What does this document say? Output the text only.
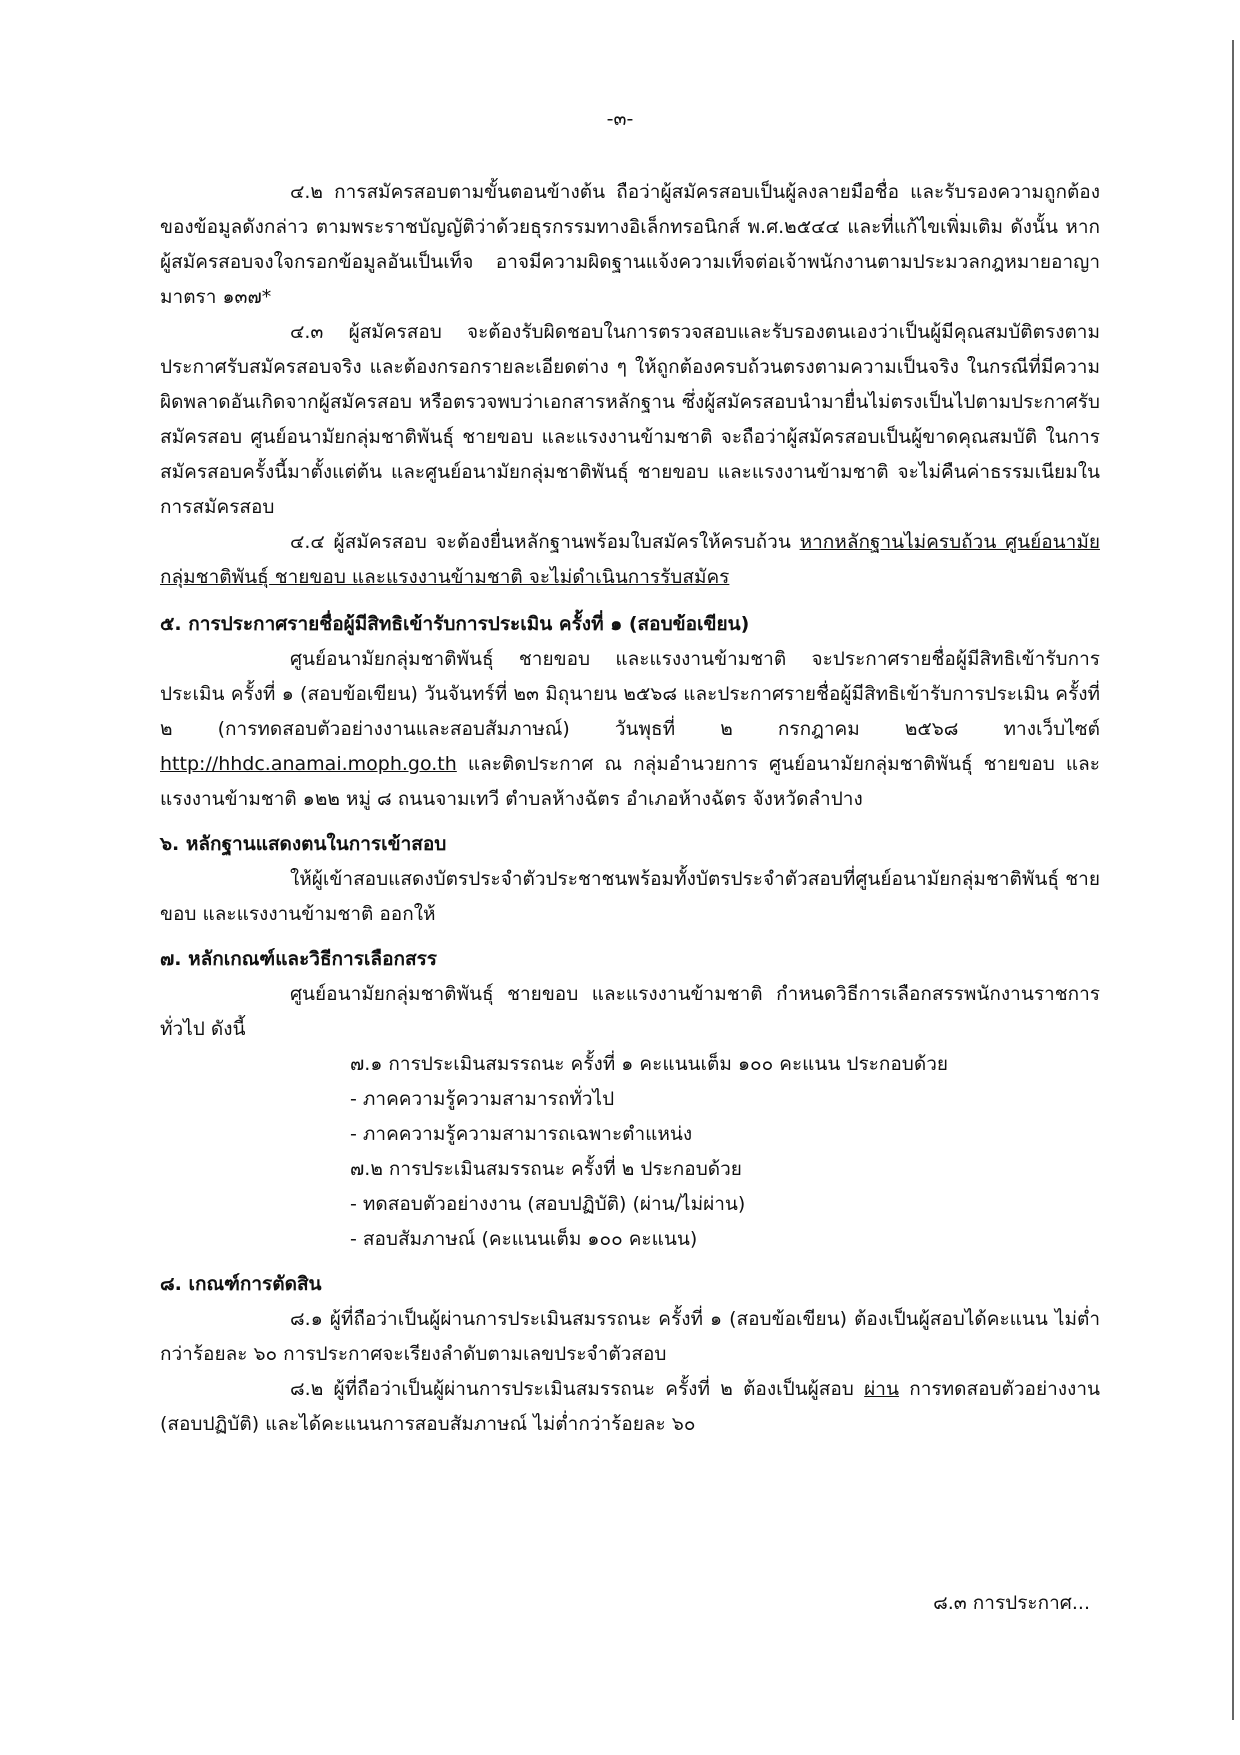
-๓-

๔.๒ การสมัครสอบตามขั้นตอนข้างต้น ถือว่าผู้สมัครสอบเป็นผู้ลงลายมือชื่อ และรับรองความถูกต้องของข้อมูลดังกล่าว ตามพระราชบัญญัติว่าด้วยธุรกรรมทางอิเล็กทรอนิกส์ พ.ศ.๒๕๔๔ และที่แก้ไขเพิ่มเติม ดังนั้น หากผู้สมัครสอบจงใจกรอกข้อมูลอันเป็นเท็จ อาจมีความผิดฐานแจ้งความเท็จต่อเจ้าพนักงานตามประมวลกฎหมายอาญา มาตรา ๑๓๗*

๔.๓ ผู้สมัครสอบ จะต้องรับผิดชอบในการตรวจสอบและรับรองตนเองว่าเป็นผู้มีคุณสมบัติตรงตามประกาศรับสมัครสอบจริง และต้องกรอกรายละเอียดต่าง ๆ ให้ถูกต้องครบถ้วนตรงตามความเป็นจริง ในกรณีที่มีความผิดพลาดอันเกิดจากผู้สมัครสอบ หรือตรวจพบว่าเอกสารหลักฐาน ซึ่งผู้สมัครสอบนำมายื่นไม่ตรงเป็นไปตามประกาศรับสมัครสอบ ศูนย์อนามัยกลุ่มชาติพันธุ์ ชายขอบ และแรงงานข้ามชาติ จะถือว่าผู้สมัครสอบเป็นผู้ขาดคุณสมบัติ ในการสมัครสอบครั้งนี้มาตั้งแต่ต้น และศูนย์อนามัยกลุ่มชาติพันธุ์ ชายขอบ และแรงงานข้ามชาติ จะไม่คืนค่าธรรมเนียมในการสมัครสอบ

๔.๔ ผู้สมัครสอบ จะต้องยื่นหลักฐานพร้อมใบสมัครให้ครบถ้วน หากหลักฐานไม่ครบถ้วน ศูนย์อนามัยกลุ่มชาติพันธุ์ ชายขอบ และแรงงานข้ามชาติ จะไม่ดำเนินการรับสมัคร

๕. การประกาศรายชื่อผู้มีสิทธิเข้ารับการประเมิน ครั้งที่ ๑ (สอบข้อเขียน)

ศูนย์อนามัยกลุ่มชาติพันธุ์ ชายขอบ และแรงงานข้ามชาติ จะประกาศรายชื่อผู้มีสิทธิเข้ารับการประเมิน ครั้งที่ ๑ (สอบข้อเขียน) วันจันทร์ที่ ๒๓ มิถุนายน ๒๕๖๘ และประกาศรายชื่อผู้มีสิทธิเข้ารับการประเมิน ครั้งที่ ๒ (การทดสอบตัวอย่างงานและสอบสัมภาษณ์) วันพุธที่ ๒ กรกฎาคม ๒๕๖๘ ทางเว็บไซต์ http://hhdc.anamai.moph.go.th และติดประกาศ ณ กลุ่มอำนวยการ ศูนย์อนามัยกลุ่มชาติพันธุ์ ชายขอบ และแรงงานข้ามชาติ ๑๒๒ หมู่ ๘ ถนนจามเทวี ตำบลห้างฉัตร อำเภอห้างฉัตร จังหวัดลำปาง

๖. หลักฐานแสดงตนในการเข้าสอบ

ให้ผู้เข้าสอบแสดงบัตรประจำตัวประชาชนพร้อมทั้งบัตรประจำตัวสอบที่ศูนย์อนามัยกลุ่มชาติพันธุ์ ชายขอบ และแรงงานข้ามชาติ ออกให้

๗. หลักเกณฑ์และวิธีการเลือกสรร

ศูนย์อนามัยกลุ่มชาติพันธุ์ ชายขอบ และแรงงานข้ามชาติ กำหนดวิธีการเลือกสรรพนักงานราชการทั่วไป ดังนี้

๗.๑ การประเมินสมรรถนะ ครั้งที่ ๑ คะแนนเต็ม ๑๐๐ คะแนน ประกอบด้วย

- ภาคความรู้ความสามารถทั่วไป

- ภาคความรู้ความสามารถเฉพาะตำแหน่ง

๗.๒ การประเมินสมรรถนะ ครั้งที่ ๒ ประกอบด้วย

- ทดสอบตัวอย่างงาน (สอบปฏิบัติ) (ผ่าน/ไม่ผ่าน)

- สอบสัมภาษณ์ (คะแนนเต็ม ๑๐๐ คะแนน)

๘. เกณฑ์การตัดสิน

๘.๑ ผู้ที่ถือว่าเป็นผู้ผ่านการประเมินสมรรถนะ ครั้งที่ ๑ (สอบข้อเขียน) ต้องเป็นผู้สอบได้คะแนน ไม่ต่ำกว่าร้อยละ ๖๐ การประกาศจะเรียงลำดับตามเลขประจำตัวสอบ

๘.๒ ผู้ที่ถือว่าเป็นผู้ผ่านการประเมินสมรรถนะ ครั้งที่ ๒ ต้องเป็นผู้สอบ ผ่าน การทดสอบตัวอย่างงาน (สอบปฏิบัติ) และได้คะแนนการสอบสัมภาษณ์ ไม่ต่ำกว่าร้อยละ ๖๐

๘.๓ การประกาศ...
